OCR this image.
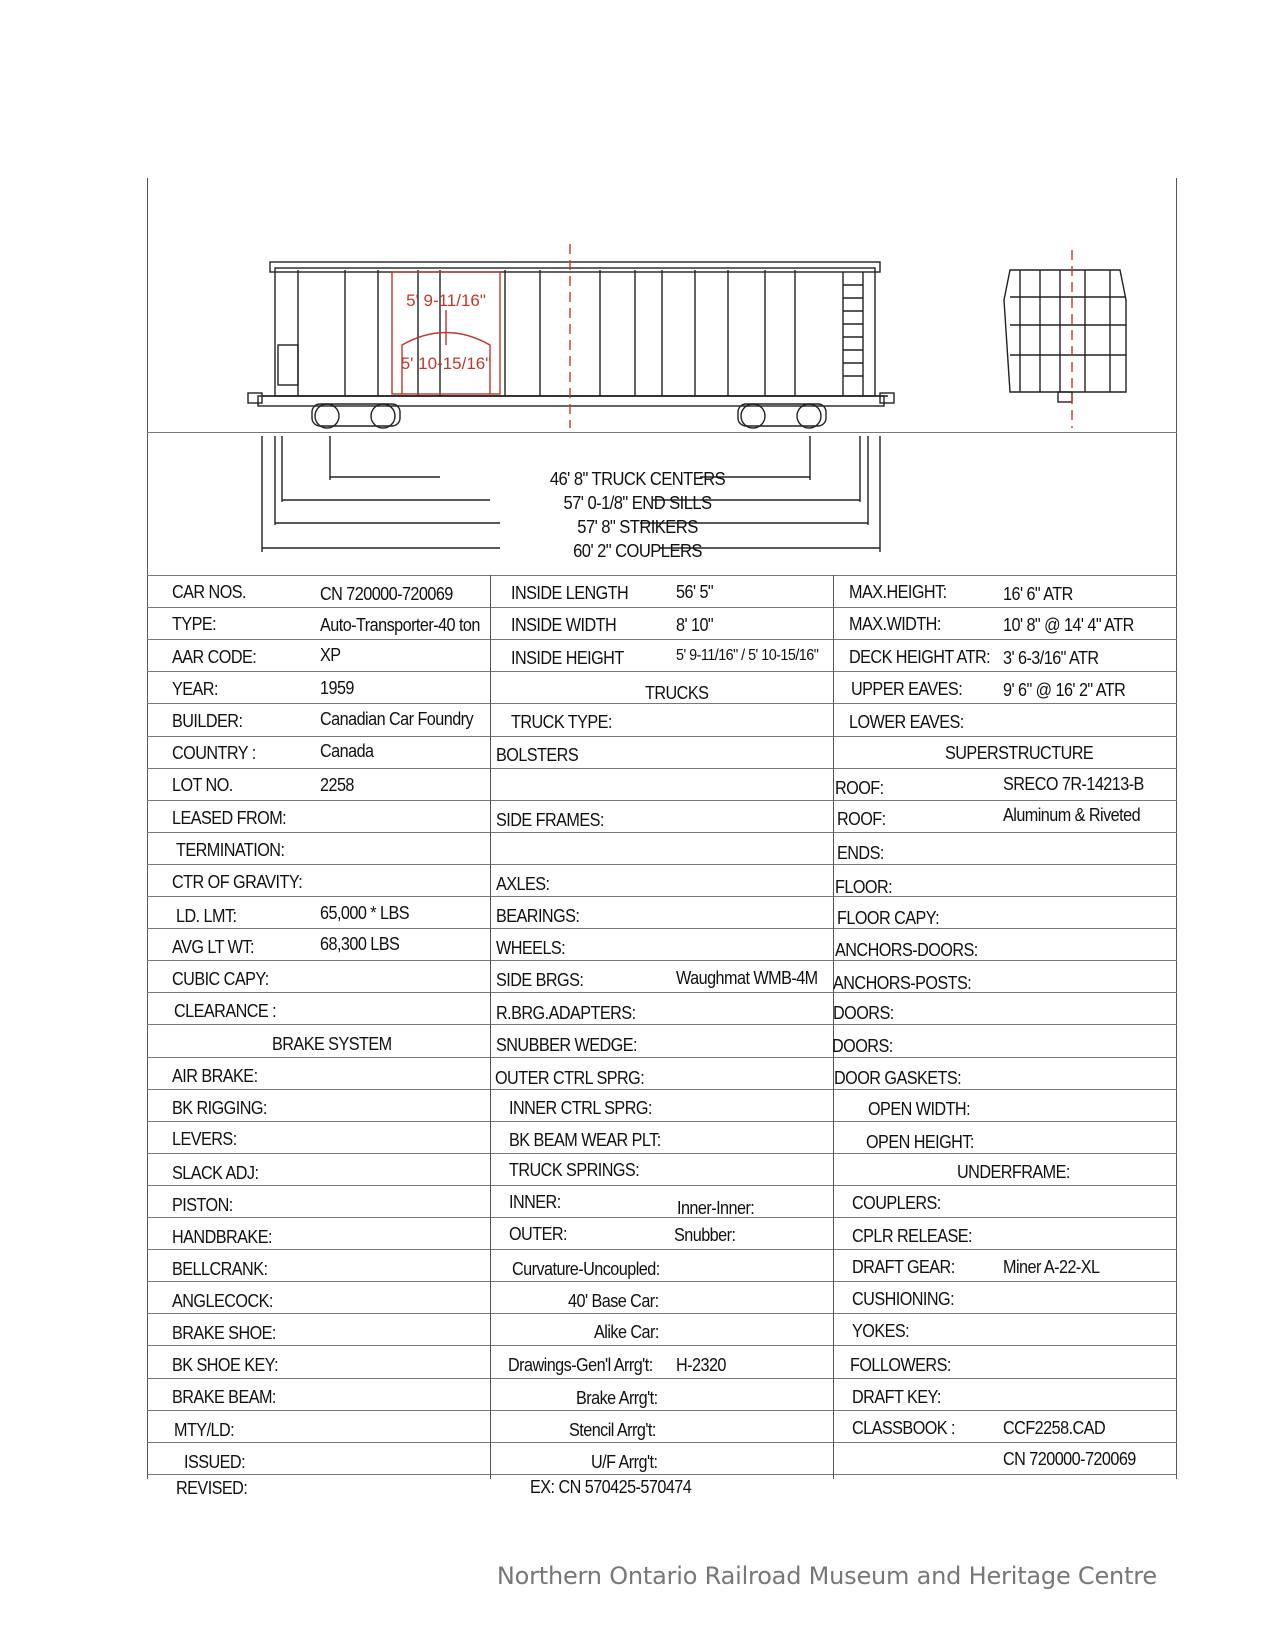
5' 9-11/16"
5' 10-15/16"
46' 8" TRUCK CENTERS
57' 0-1/8" END SILLS
57' 8" STRIKERS
60' 2" COUPLERS
CAR NOS.	CN 720000-720069
TYPE:	Auto-Transporter-40 ton
AAR CODE:	XP
YEAR:	1959
BUILDER:	Canadian Car Foundry
COUNTRY :	Canada
LOT NO.	2258
LEASED FROM:
TERMINATION:
CTR OF GRAVITY:
LD. LMT:	65,000 * LBS
AVG LT WT:	68,300 LBS
CUBIC CAPY:
CLEARANCE :
BRAKE SYSTEM
AIR BRAKE:
BK RIGGING:
LEVERS:
SLACK ADJ:
PISTON:
HANDBRAKE:
BELLCRANK:
ANGLECOCK:
BRAKE SHOE:
BK SHOE KEY:
BRAKE BEAM:
MTY/LD:
ISSUED:
REVISED:
INSIDE LENGTH	56' 5"
INSIDE WIDTH	8' 10"
INSIDE HEIGHT	5' 9-11/16" / 5' 10-15/16"
TRUCKS
TRUCK TYPE:
BOLSTERS
SIDE FRAMES:
AXLES:
BEARINGS:
WHEELS:
SIDE BRGS:	Waughmat WMB-4M
R.BRG.ADAPTERS:
SNUBBER WEDGE:
OUTER CTRL SPRG:
INNER CTRL SPRG:
BK BEAM WEAR PLT:
TRUCK SPRINGS:
INNER:	Inner-Inner:
OUTER:	Snubber:
Curvature-Uncoupled:
40' Base Car:
Alike Car:
Drawings-Gen'l Arrg't: H-2320
Brake Arrg't:
Stencil Arrg't:
U/F Arrg't:
EX: CN 570425-570474
MAX.HEIGHT:	16' 6" ATR
MAX.WIDTH:	10' 8" @ 14' 4" ATR
DECK HEIGHT ATR: 3' 6-3/16" ATR
UPPER EAVES: 9' 6" @ 16' 2" ATR
LOWER EAVES:
SUPERSTRUCTURE
ROOF:	SRECO 7R-14213-B
ROOF:	Aluminum & Riveted
ENDS:
FLOOR:
FLOOR CAPY:
ANCHORS-DOORS:
ANCHORS-POSTS:
DOORS:
DOORS:
DOOR GASKETS:
OPEN WIDTH:
OPEN HEIGHT:
UNDERFRAME:
COUPLERS:
CPLR RELEASE:
DRAFT GEAR:	Miner A-22-XL
CUSHIONING:
YOKES:
FOLLOWERS:
DRAFT KEY:
CLASSBOOK :	CCF2258.CAD
CN 720000-720069
Northern Ontario Railroad Museum and Heritage Centre
